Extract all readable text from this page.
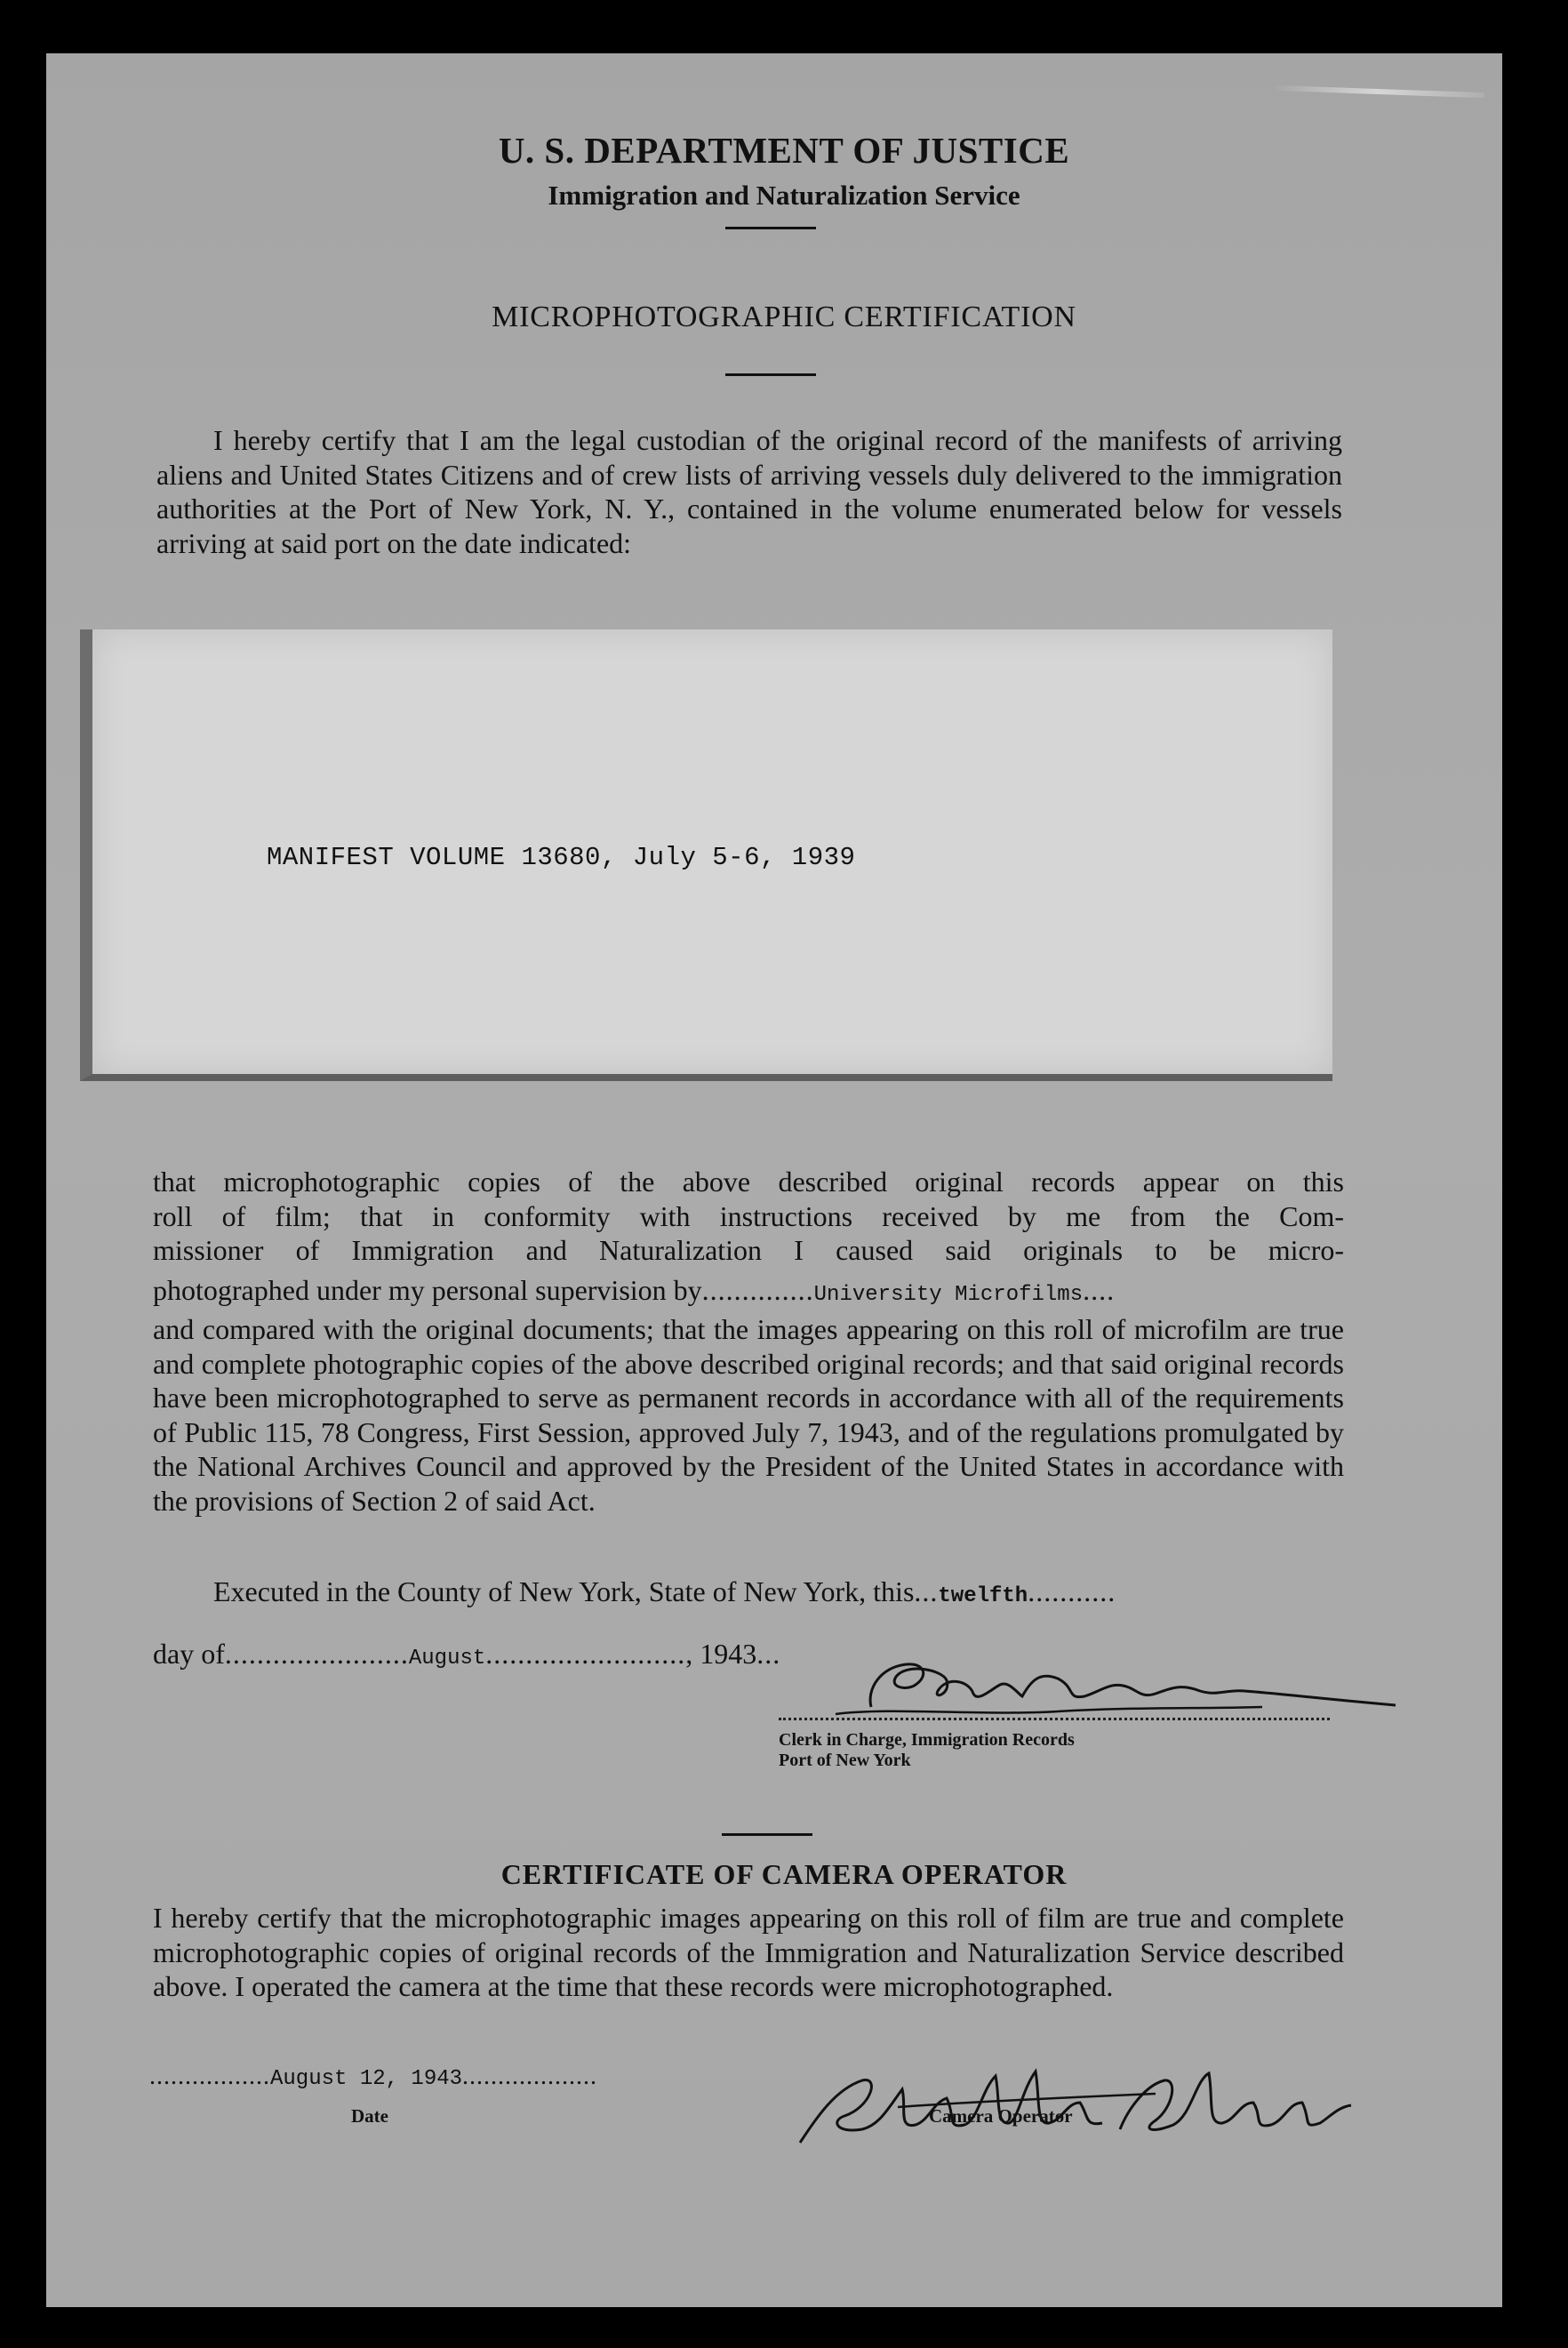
U. S. DEPARTMENT OF JUSTICE
Immigration and Naturalization Service
MICROPHOTOGRAPHIC CERTIFICATION
I hereby certify that I am the legal custodian of the original record of the manifests of arriving aliens and United States Citizens and of crew lists of arriving vessels duly delivered to the immigration authorities at the Port of New York, N. Y., contained in the volume enumerated below for vessels arriving at said port on the date indicated:
MANIFEST VOLUME 13680, July 5-6, 1939
that microphotographic copies of the above described original records appear on this
roll of film; that in conformity with instructions received by me from the Com-
missioner of Immigration and Naturalization I caused said originals to be micro-
photographed under my personal supervision by..............University Microfilms....
and compared with the original documents; that the images appearing on this roll of microfilm are true and complete photographic copies of the above described original records; and that said original records have been microphotographed to serve as permanent records in accordance with all of the requirements of Public 115, 78 Congress, First Session, approved July 7, 1943, and of the regulations promulgated by the National Archives Council and approved by the President of the United States in accordance with the provisions of Section 2 of said Act.
Executed in the County of New York, State of New York, this...twelfth...........
day of.......................August........................., 1943...
Clerk in Charge, Immigration Records
Port of New York
CERTIFICATE OF CAMERA OPERATOR
I hereby certify that the microphotographic images appearing on this roll of film are true and complete microphotographic copies of original records of the Immigration and Naturalization Service described above. I operated the camera at the time that these records were microphotographed.
.................August 12, 1943...................
Date	Camera Operator
